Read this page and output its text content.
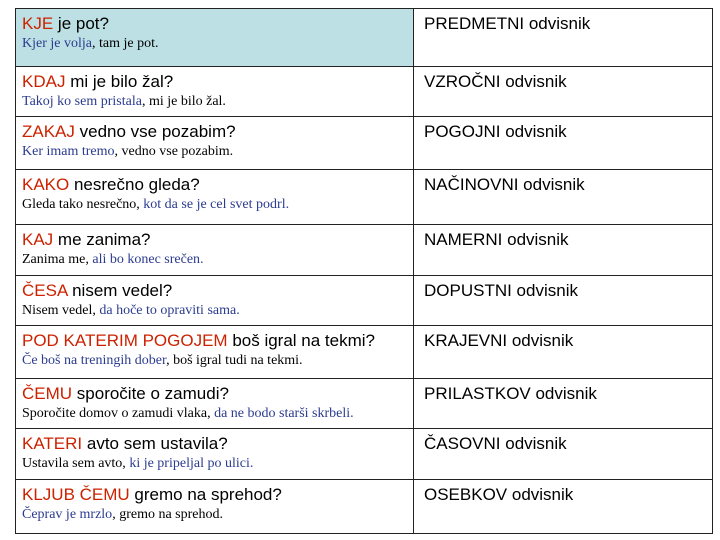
KJE je pot?
Kjer je volja, tam je pot.	PREDMETNI odvisnik

KDAJ mi je bilo žal?
Takoj ko sem pristala, mi je bilo žal.	VZROČNI odvisnik

ZAKAJ vedno vse pozabim?
Ker imam tremo, vedno vse pozabim.	POGOJNI odvisnik

KAKO nesrečno gleda?
Gleda tako nesrečno, kot da se je cel svet podrl.	NAČINOVNI odvisnik

KAJ me zanima?
Zanima me, ali bo konec srečen.	NAMERNI odvisnik

ČESA nisem vedel?
Nisem vedel, da hoče to opraviti sama.	DOPUSTNI odvisnik

POD KATERIM POGOJEM boš igral na tekmi?
Če boš na treningih dober, boš igral tudi na tekmi.	KRAJEVNI odvisnik

ČEMU sporočite o zamudi?
Sporočite domov o zamudi vlaka, da ne bodo starši skrbeli.	PRILASTKOV odvisnik

KATERI avto sem ustavila?
Ustavila sem avto, ki je pripeljal po ulici.	ČASOVNI odvisnik

KLJUB ČEMU gremo na sprehod?
Čeprav je mrzlo, gremo na sprehod.	OSEBKOV odvisnik
